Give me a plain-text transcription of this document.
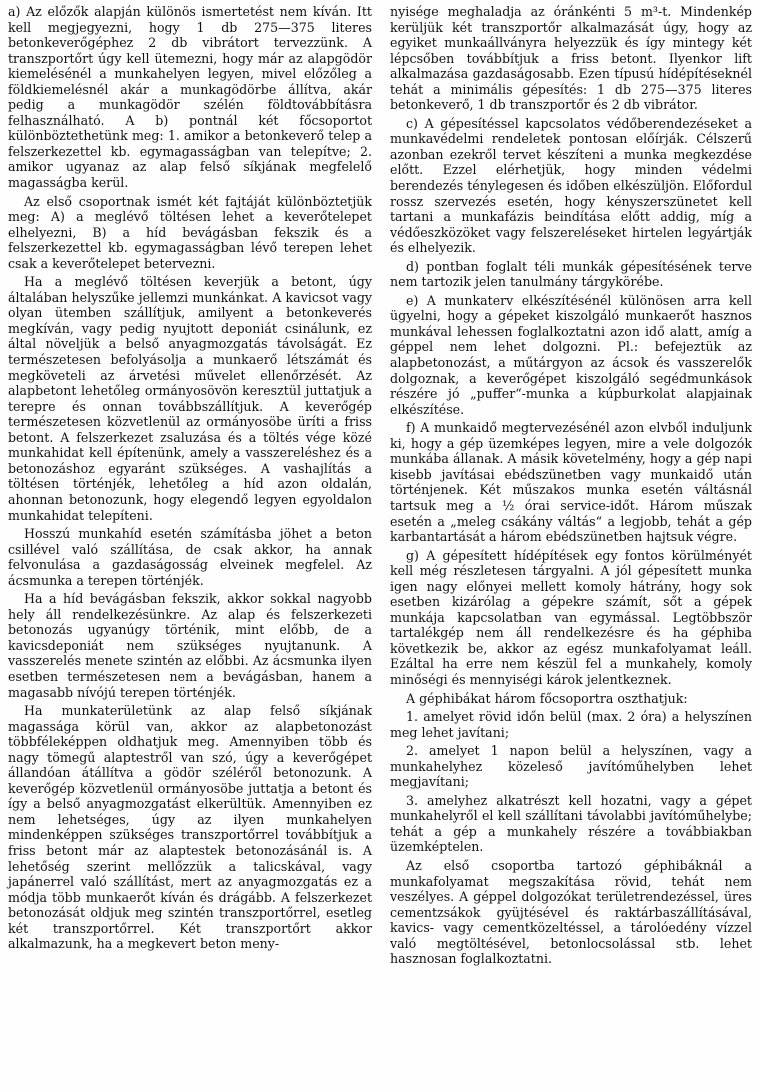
a) Az előzők alapján különös ismertetést nem kíván. Itt kell megjegyezni, hogy 1 db 275—375 literes betonkeverőgéphez 2 db vibrátort tervezzünk. A transzportőrt úgy kell ütemezni, hogy már az alapgödör kiemelésénél a munkahelyen legyen, mivel előzőleg a földkiemelésnél akár a munkagödörbe állítva, akár pedig a munkagödör szélén földtovábbításra felhasználható. A b) pontnál két főcsoportot különböztethetünk meg: 1. amikor a betonkeverő telep a felszerkezettel kb. egymagasságban van telepítve; 2. amikor ugyanaz az alap felső síkjának megfelelő magasságba kerül.

Az első csoportnak ismét két fajtáját különböztetjük meg: A) a meglévő töltésen lehet a keverőtelepet elhelyezni, B) a híd bevágásban fekszik és a felszerkezettel kb. egymagasságban lévő terepen lehet csak a keverőtelepet betervezni.

Ha a meglévő töltésen keverjük a betont, úgy általában helyszűke jellemzi munkánkat. A kavicsot vagy olyan ütemben szállítjuk, amilyent a betonkeverés megkíván, vagy pedig nyujtott deponiát csinálunk, ez által növeljük a belső anyagmozgatás távolságát. Ez természetesen befolyásolja a munkaerő létszámát és megköveteli az árvetési művelet ellenőrzését. Az alapbetont lehetőleg ormányosövön keresztül juttatjuk a terepre és onnan továbbszállítjuk. A keverőgép természetesen közvetlenül az ormányosöbe üríti a friss betont. A felszerkezet zsaluzása és a töltés vége közé munkahidat kell építenünk, amely a vasszereléshez és a betonozáshoz egyaránt szükséges. A vashajlítás a töltésen történjék, lehetőleg a híd azon oldalán, ahonnan betonozunk, hogy elegendő legyen egyoldalon munkahidat telepíteni.

Hosszú munkahíd esetén számításba jöhet a beton csillével való szállítása, de csak akkor, ha annak felvonulása a gazdaságosság elveinek megfelel. Az ácsmunka a terepen történjék.

Ha a híd bevágásban fekszik, akkor sokkal nagyobb hely áll rendelkezésünkre. Az alap és felszerkezeti betonozás ugyanúgy történik, mint előbb, de a kavicsdeponiát nem szükséges nyujtanunk. A vasszerelés menete szintén az előbbi. Az ácsmunka ilyen esetben természetesen nem a bevágásban, hanem a magasabb nívójú terepen történjék.

Ha munkaterületünk az alap felső síkjának magassága körül van, akkor az alapbetonozást többféleképpen oldhatjuk meg. Amennyiben több és nagy tömegű alaptestről van szó, úgy a keverőgépet állandóan átállítva a gödör széléről betonozunk. A keverőgép közvetlenül ormányosöbe juttatja a betont és így a belső anyagmozgatást elkerültük. Amennyiben ez nem lehetséges, úgy az ilyen munkahelyen mindenképpen szükséges transzportőrrel továbbítjuk a friss betont már az alaptestek betonozásánál is. A lehetőség szerint mellőzzük a talicskával, vagy japánerrel való szállítást, mert az anyagmozgatás ez a módja több munkaerőt kíván és drágább. A felszerkezet betonozását oldjuk meg szintén transzportőrrel, esetleg két transzportőrrel. Két transzportőrt akkor alkalmazunk, ha a megkevert beton meny-

nyisége meghaladja az óránkénti 5 m³-t. Mindenkép kerüljük két transzportőr alkalmazását úgy, hogy az egyiket munkaállványra helyezzük és így mintegy két lépcsőben továbbítjuk a friss betont. Ilyenkor lift alkalmazása gazdaságosabb. Ezen típusú hídépítéseknél tehát a minimális gépesítés: 1 db 275—375 literes betonkeverő, 1 db transzportőr és 2 db vibrátor.

c) A gépesítéssel kapcsolatos védőberendezéseket a munkavédelmi rendeletek pontosan előírják. Célszerű azonban ezekről tervet készíteni a munka megkezdése előtt. Ezzel elérhetjük, hogy minden védelmi berendezés ténylegesen és időben elkészüljön. Előfordul rossz szervezés esetén, hogy kényszerszünetet kell tartani a munkafázis beindítása előtt addig, míg a védőeszközöket vagy felszereléseket hirtelen legyártják és elhelyezik.

d) pontban foglalt téli munkák gépesítésének terve nem tartozik jelen tanulmány tárgykörébe.

e) A munkaterv elkészítésénél különösen arra kell ügyelni, hogy a gépeket kiszolgáló munkaerőt hasznos munkával lehessen foglalkoztatni azon idő alatt, amíg a géppel nem lehet dolgozni. Pl.: befejeztük az alapbetonozást, a műtárgyon az ácsok és vasszerelők dolgoznak, a keverőgépet kiszolgáló segédmunkások részére jó „puffer“-munka a kúpburkolat alapjainak elkészítése.

f) A munkaidő megtervezésénél azon elvből induljunk ki, hogy a gép üzemképes legyen, mire a vele dolgozók munkába állanak. A másik követelmény, hogy a gép napi kisebb javításai ebédszünetben vagy munkaidő után történjenek. Két műszakos munka esetén váltásnál tartsuk meg a ½ órai service-időt. Három műszak esetén a „meleg csákány váltás“ a legjobb, tehát a gép karbantartását a három ebédszünetben hajtsuk végre.

g) A gépesített hídépítések egy fontos körülményét kell még részletesen tárgyalni. A jól gépesített munka igen nagy előnyei mellett komoly hátrány, hogy sok esetben kizárólag a gépekre számít, sőt a gépek munkája kapcsolatban van egymással. Legtöbbször tartalékgép nem áll rendelkezésre és ha géphiba következik be, akkor az egész munkafolyamat leáll. Ezáltal ha erre nem készül fel a munkahely, komoly minőségi és mennyiségi károk jelentkeznek.

A géphibákat három főcsoportra oszthatjuk:

1. amelyet rövid időn belül (max. 2 óra) a helyszínen meg lehet javítani;

2. amelyet 1 napon belül a helyszínen, vagy a munkahelyhez közeleső javítóműhelyben lehet megjavítani;

3. amelyhez alkatrészt kell hozatni, vagy a gépet munkahelyről el kell szállítani távolabbi javítóműhelybe; tehát a gép a munkahely részére a továbbiakban üzemképtelen.

Az első csoportba tartozó géphibáknál a munkafolyamat megszakítása rövid, tehát nem veszélyes. A géppel dolgozókat területrendezéssel, üres cementzsákok gyüjtésével és raktárbaszállításával, kavics- vagy cementközeltéssel, a tárolóedény vízzel való megtöltésével, betonlocsolással stb. lehet hasznosan foglalkoztatni.
